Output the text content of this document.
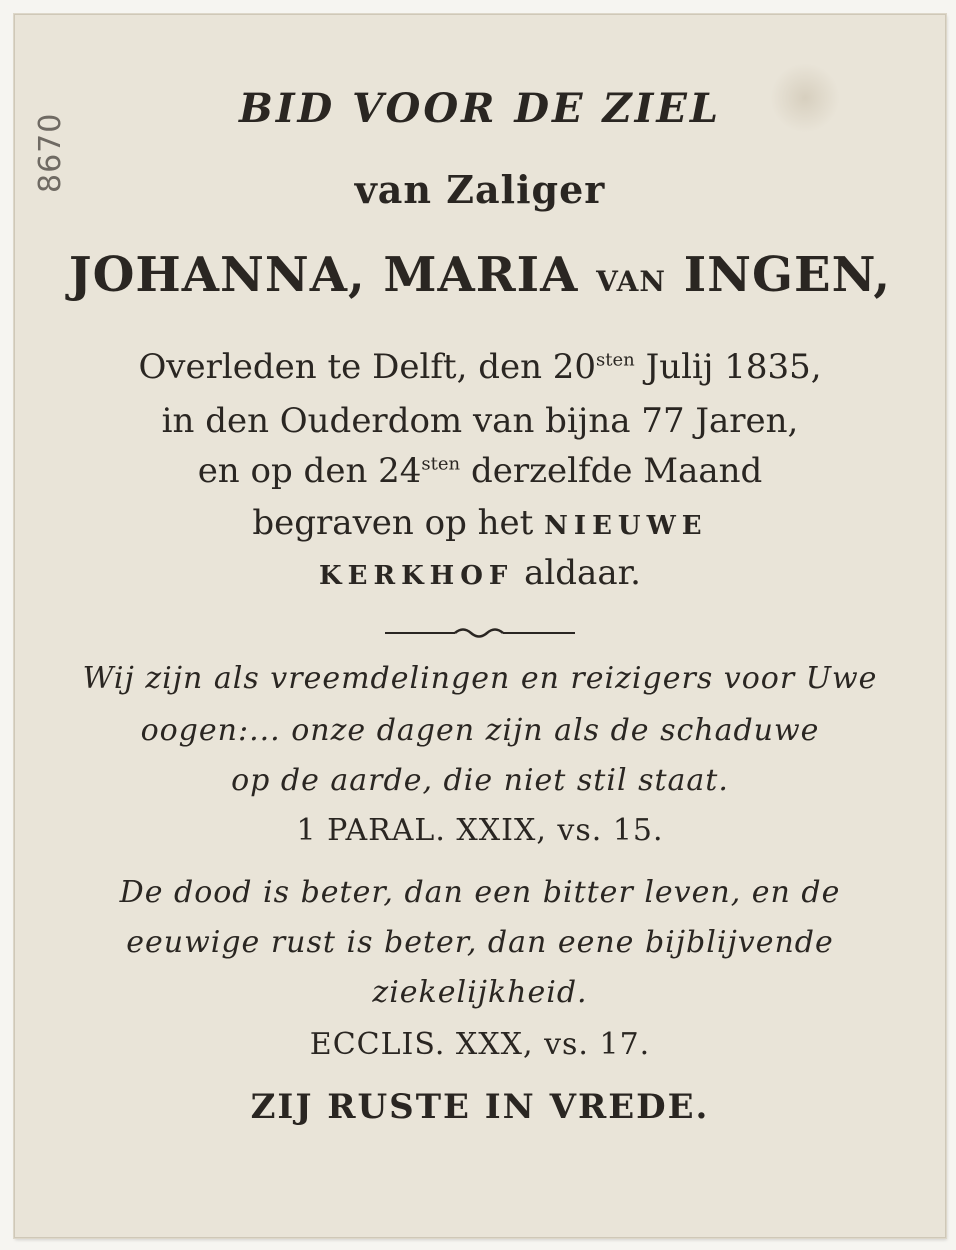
8670
BID VOOR DE ZIEL
van Zaliger
JOHANNA, MARIA VAN INGEN,
Overleden te Delft, den $20^{sten}$ Julij 1835,
in den Ouderdom van bijna 77 Jaren,
en op den $24^{sten}$ derzelfde Maand
begraven op het NIEUWE
KERKHOF aldaar.
Wij zijn als vreemdelingen en reizigers voor Uwe
oogen:... onze dagen zijn als de schaduwe
op de aarde, die niet stil staat.
1 PARAL. XXIX, vs. 15.
De dood is beter, dan een bitter leven, en de
eeuwige rust is beter, dan eene bijblijvende
ziekelijkheid.
ECCLIS. XXX, vs. 17.
ZIJ RUSTE IN VREDE.
